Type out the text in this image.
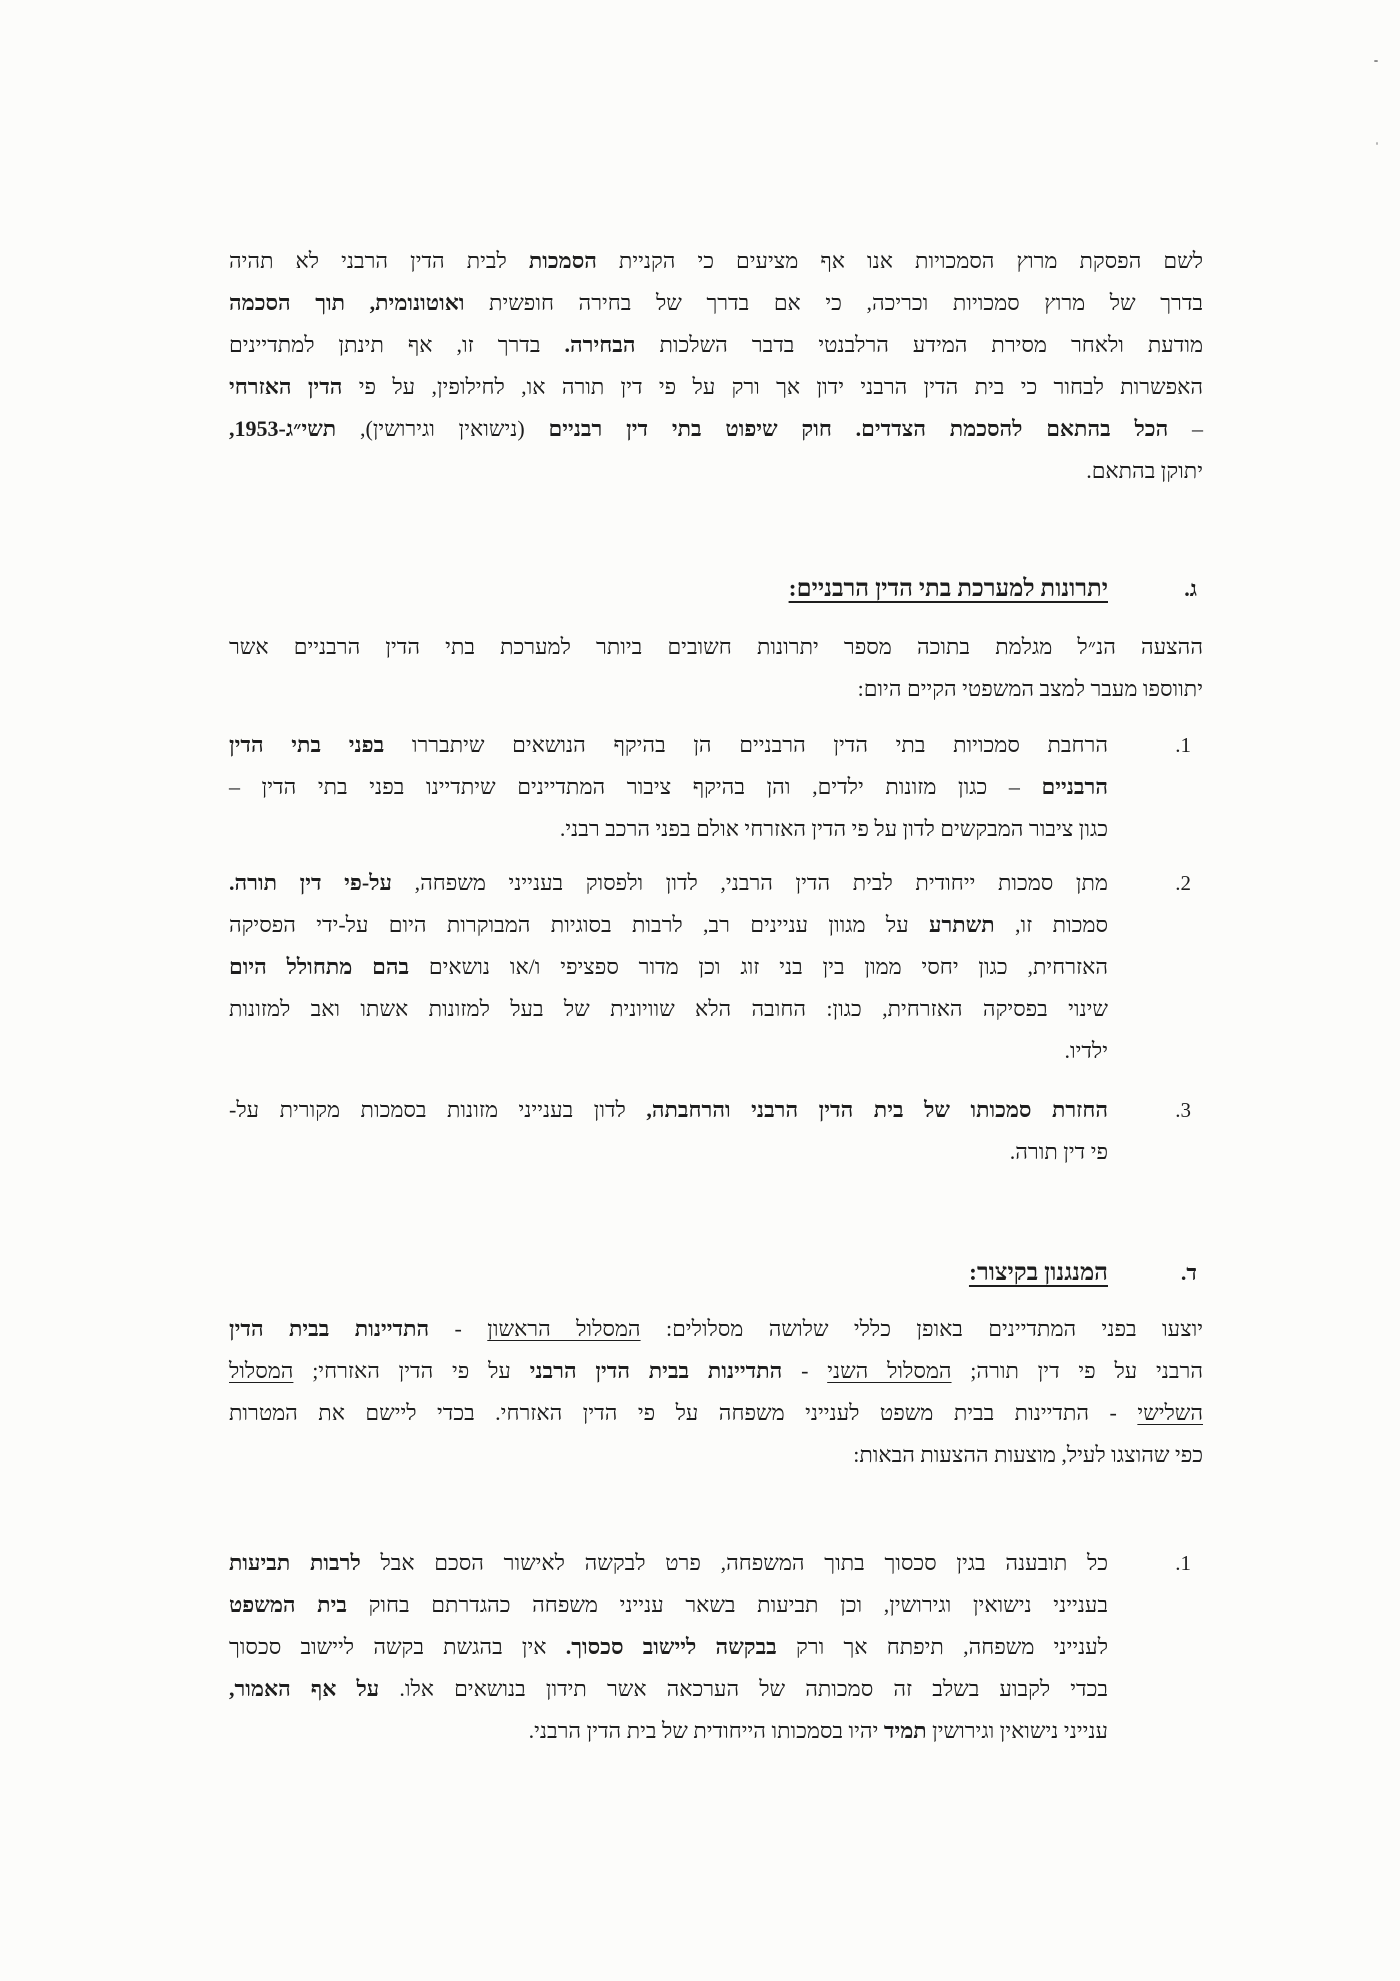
לשם הפסקת מרוץ הסמכויות אנו אף מציעים כי הקניית הסמכות לבית הדין הרבני לא תהיה
בדרך של מרוץ סמכויות וכריכה, כי אם בדרך של בחירה חופשית ואוטונומית, תוך הסכמה
מודעת ולאחר מסירת המידע הרלבנטי בדבר השלכות הבחירה. בדרך זו, אף תינתן למתדיינים
האפשרות לבחור כי בית הדין הרבני ידון אך ורק על פי דין תורה או, לחילופין, על פי הדין האזרחי
– הכל בהתאם להסכמת הצדדים. חוק שיפוט בתי דין רבניים (נישואין וגירושין), תשי״ג-1953,
יתוקן בהתאם.
ג.
יתרונות למערכת בתי הדין הרבניים:
ההצעה הנ״ל מגלמת בתוכה מספר יתרונות חשובים ביותר למערכת בתי הדין הרבניים אשר
יתווספו מעבר למצב המשפטי הקיים היום:
1.
הרחבת סמכויות בתי הדין הרבניים הן בהיקף הנושאים שיתבררו בפני בתי הדין
הרבניים – כגון מזונות ילדים, והן בהיקף ציבור המתדיינים שיתדיינו בפני בתי הדין –
כגון ציבור המבקשים לדון על פי הדין האזרחי אולם בפני הרכב רבני.
2.
מתן סמכות ייחודית לבית הדין הרבני, לדון ולפסוק בענייני משפחה, על-פי דין תורה.
סמכות זו, תשתרע על מגוון עניינים רב, לרבות בסוגיות המבוקרות היום על-ידי הפסיקה
האזרחית, כגון יחסי ממון בין בני זוג וכן מדור ספציפי ו/או נושאים בהם מתחולל היום
שינוי בפסיקה האזרחית, כגון: החובה הלא שוויונית של בעל למזונות אשתו ואב למזונות
ילדיו.
3.
החזרת סמכותו של בית הדין הרבני והרחבתה, לדון בענייני מזונות בסמכות מקורית על-
פי דין תורה.
ד.
המנגנון בקיצור:
יוצעו בפני המתדיינים באופן כללי שלושה מסלולים: המסלול הראשון - התדיינות בבית הדין
הרבני על פי דין תורה; המסלול השני - התדיינות בבית הדין הרבני על פי הדין האזרחי; המסלול
השלישי - התדיינות בבית משפט לענייני משפחה על פי הדין האזרחי. בכדי ליישם את המטרות
כפי שהוצגו לעיל, מוצעות ההצעות הבאות:
1.
כל תובענה בגין סכסוך בתוך המשפחה, פרט לבקשה לאישור הסכם אבל לרבות תביעות
בענייני נישואין וגירושין, וכן תביעות בשאר ענייני משפחה כהגדרתם בחוק בית המשפט
לענייני משפחה, תיפתח אך ורק בבקשה ליישוב סכסוך. אין בהגשת בקשה ליישוב סכסוך
בכדי לקבוע בשלב זה סמכותה של הערכאה אשר תידון בנושאים אלו. על אף האמור,
ענייני נישואין וגירושין תמיד יהיו בסמכותו הייחודית של בית הדין הרבני.
